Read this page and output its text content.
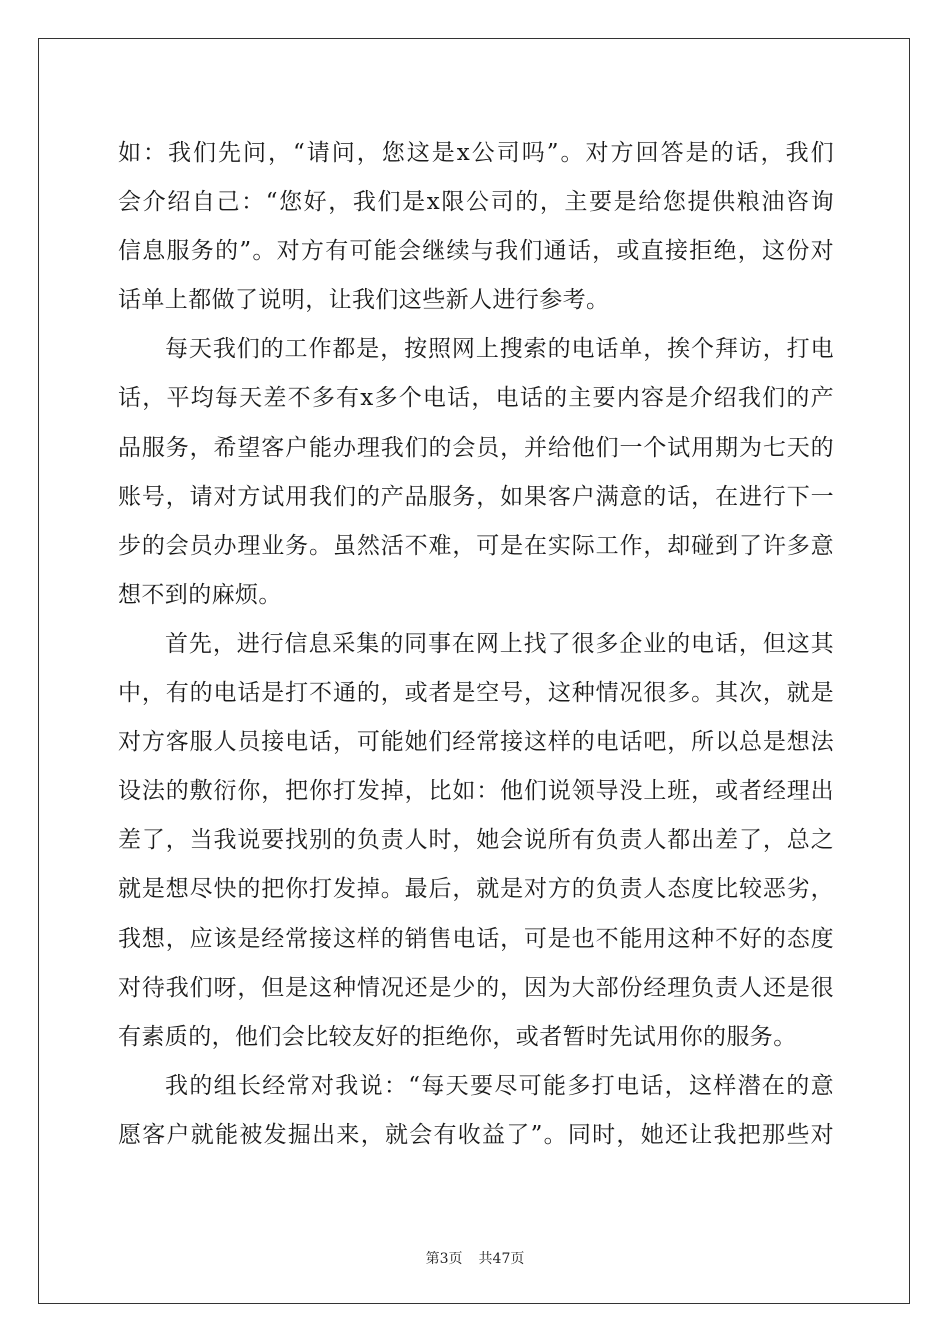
如：我们先问，“请问，您这是x公司吗”。对方回答是的话，我们
会介绍自己：“您好，我们是x限公司的，主要是给您提供粮油咨询
信息服务的”。对方有可能会继续与我们通话，或直接拒绝，这份对
话单上都做了说明，让我们这些新人进行参考。
每天我们的工作都是，按照网上搜索的电话单，挨个拜访，打电
话，平均每天差不多有x多个电话，电话的主要内容是介绍我们的产
品服务，希望客户能办理我们的会员，并给他们一个试用期为七天的
账号，请对方试用我们的产品服务，如果客户满意的话，在进行下一
步的会员办理业务。虽然活不难，可是在实际工作，却碰到了许多意
想不到的麻烦。
首先，进行信息采集的同事在网上找了很多企业的电话，但这其
中，有的电话是打不通的，或者是空号，这种情况很多。其次，就是
对方客服人员接电话，可能她们经常接这样的电话吧，所以总是想法
设法的敷衍你，把你打发掉，比如：他们说领导没上班，或者经理出
差了，当我说要找别的负责人时，她会说所有负责人都出差了，总之
就是想尽快的把你打发掉。最后，就是对方的负责人态度比较恶劣，
我想，应该是经常接这样的销售电话，可是也不能用这种不好的态度
对待我们呀，但是这种情况还是少的，因为大部份经理负责人还是很
有素质的，他们会比较友好的拒绝你，或者暂时先试用你的服务。
我的组长经常对我说：“每天要尽可能多打电话，这样潜在的意
愿客户就能被发掘出来，就会有收益了”。同时，她还让我把那些对
第3页 共47页
